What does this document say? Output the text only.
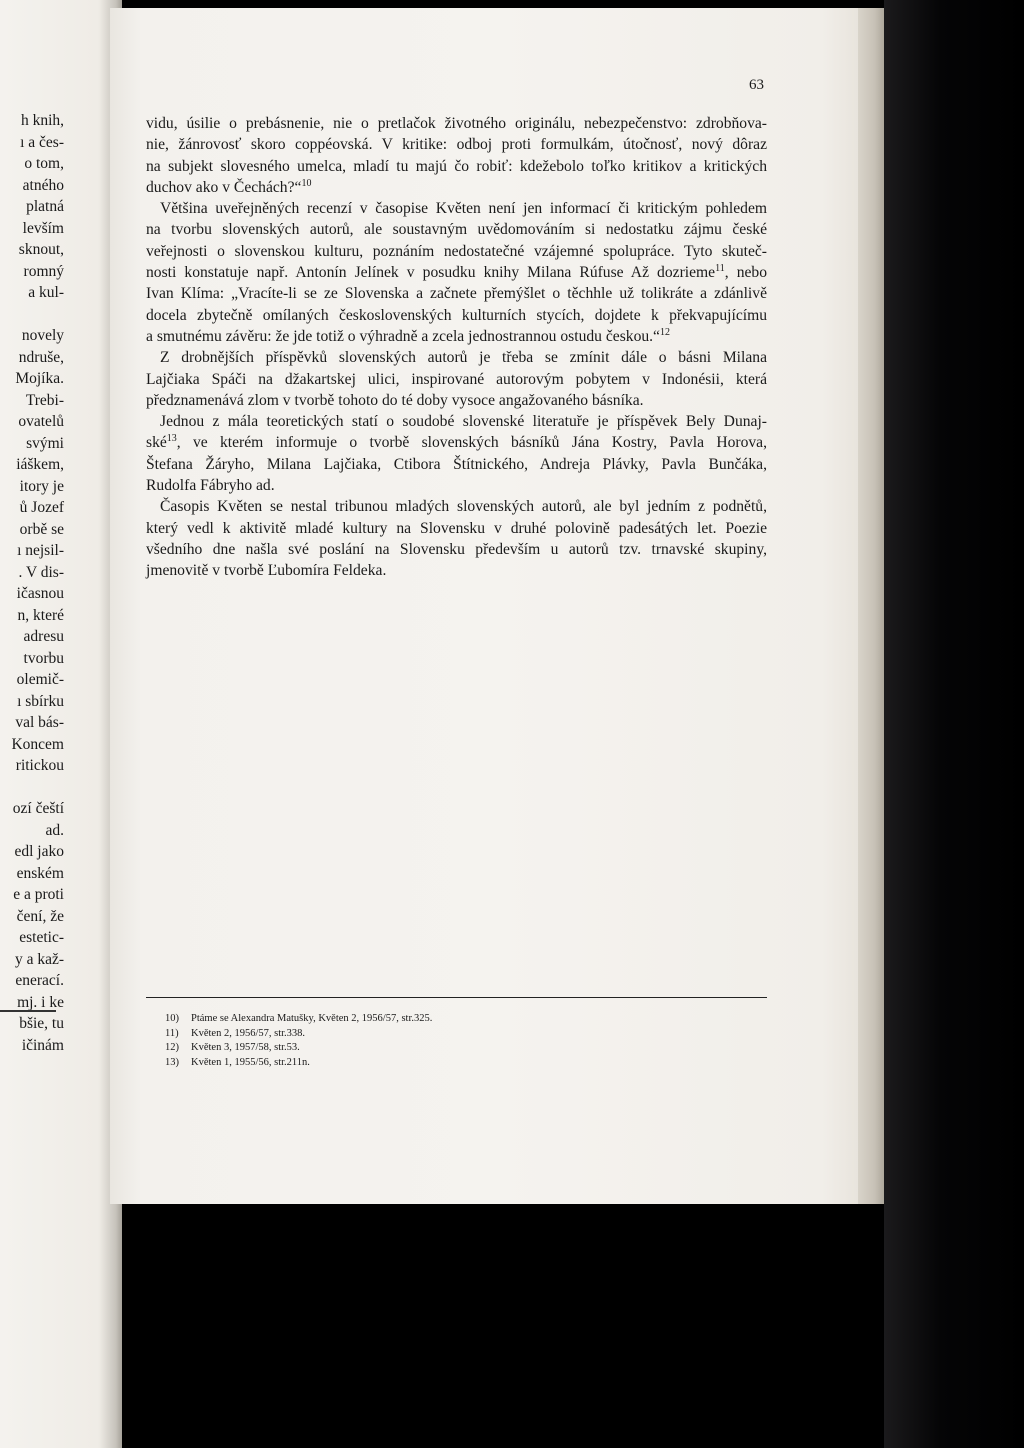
h knih,
ı a čes-
o tom,
atného
platná
levším
sknout,
romný
a kul-
novely
ndruše,
Mojíka.
Trebi-
ovatelů
svými
iáškem,
itory je
ů Jozef
orbě se
ı nejsil-
. V dis-
ičasnou
n, které
adresu
tvorbu
olemič-
ı sbírku
val bás-
Koncem
ritickou
ozí čeští
ad.
edl jako
enském
e a proti
čení, že
estetic-
y a kaž-
enerací.
mj. i ke
bšie, tu
ičinám
63
vidu, úsilie o prebásnenie, nie o pretlačok životného originálu, nebezpečenstvo: zdrobňova-
nie, žánrovosť skoro coppéovská. V kritike: odboj proti formulkám, útočnosť, nový dôraz
na subjekt slovesného umelca, mladí tu majú čo robiť: kdežebolo toľko kritikov a kritických
duchov ako v Čechách?“$^{10}$
Většina uveřejněných recenzí v časopise Květen není jen informací či kritickým pohledem
na tvorbu slovenských autorů, ale soustavným uvědomováním si nedostatku zájmu české
veřejnosti o slovenskou kulturu, poznáním nedostatečné vzájemné spolupráce. Tyto skuteč-
nosti konstatuje např. Antonín Jelínek v posudku knihy Milana Rúfuse Až dozrieme$^{11}$, nebo
Ivan Klíma: „Vracíte-li se ze Slovenska a začnete přemýšlet o těchhle už tolikráte a zdánlivě
docela zbytečně omílaných československých kulturních stycích, dojdete k překvapujícímu
a smutnému závěru: že jde totiž o výhradně a zcela jednostrannou ostudu českou.“$^{12}$
Z drobnějších příspěvků slovenských autorů je třeba se zmínit dále o básni Milana
Lajčiaka Spáči na džakartskej ulici, inspirované autorovým pobytem v Indonésii, která
předznamenává zlom v tvorbě tohoto do té doby vysoce angažovaného básníka.
Jednou z mála teoretických statí o soudobé slovenské literatuře je příspěvek Bely Dunaj-
ské$^{13}$, ve kterém informuje o tvorbě slovenských básníků Jána Kostry, Pavla Horova,
Štefana Žáryho, Milana Lajčiaka, Ctibora Štítnického, Andreja Plávky, Pavla Bunčáka,
Rudolfa Fábryho ad.
Časopis Květen se nestal tribunou mladých slovenských autorů, ale byl jedním z podnětů,
který vedl k aktivitě mladé kultury na Slovensku v druhé polovině padesátých let. Poezie
všedního dne našla své poslání na Slovensku především u autorů tzv. trnavské skupiny,
jmenovitě v tvorbě Ľubomíra Feldeka.
10) Ptáme se Alexandra Matušky, Květen 2, 1956/57, str.325.
11) Květen 2, 1956/57, str.338.
12) Květen 3, 1957/58, str.53.
13) Květen 1, 1955/56, str.211n.
